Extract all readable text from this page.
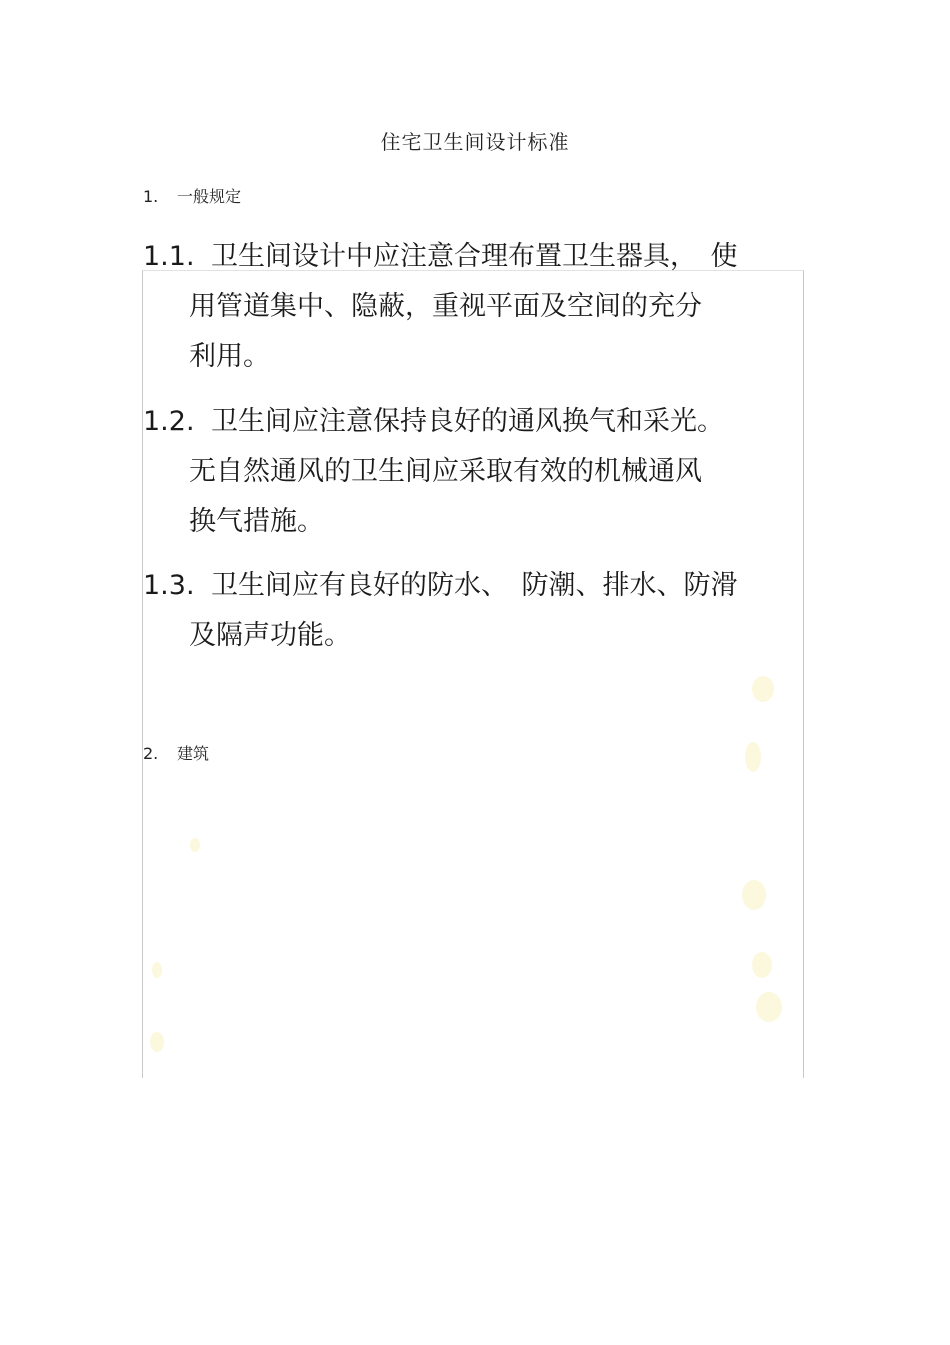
住宅卫生间设计标准
1. 一般规定
1.1. 卫生间设计中应注意合理布置卫生器具，　使
用管道集中、隐蔽，重视平面及空间的充分
利用。
1.2. 卫生间应注意保持良好的通风换气和采光。
无自然通风的卫生间应采取有效的机械通风
换气措施。
1.3. 卫生间应有良好的防水、　防潮、排水、防滑
及隔声功能。
2. 建筑
